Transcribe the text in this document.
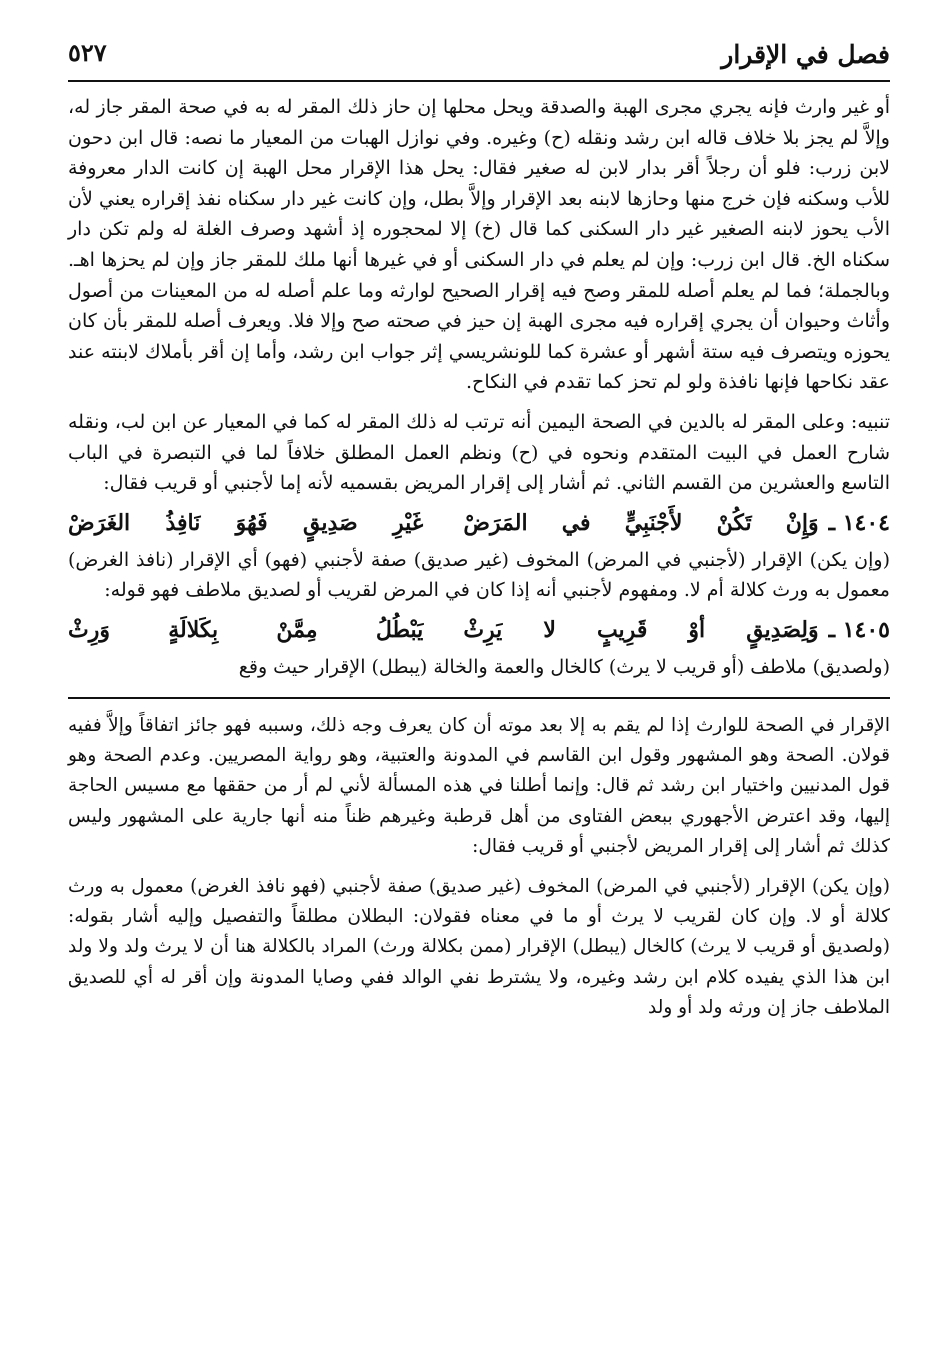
فصل في الإقرار
٥٢٧

أو غير وارث فإنه يجري مجرى الهبة والصدقة ويحل محلها إن حاز ذلك المقر له به في صحة المقر جاز له، وإلاَّ لم يجز بلا خلاف قاله ابن رشد ونقله (ح) وغيره. وفي نوازل الهبات من المعيار ما نصه: قال ابن دحون لابن زرب: فلو أن رجلاً أقر بدار لابن له صغير فقال: يحل هذا الإقرار محل الهبة إن كانت الدار معروفة للأب وسكنه فإن خرج منها وحازها لابنه بعد الإقرار وإلاَّ بطل، وإن كانت غير دار سكناه نفذ إقراره يعني لأن الأب يحوز لابنه الصغير غير دار السكنى كما قال (خ) إلا لمحجوره إذ أشهد وصرف الغلة له ولم تكن دار سكناه الخ. قال ابن زرب: وإن لم يعلم في دار السكنى أو في غيرها أنها ملك للمقر جاز وإن لم يحزها اهـ. وبالجملة؛ فما لم يعلم أصله للمقر وصح فيه إقرار الصحيح لوارثه وما علم أصله له من المعينات من أصول وأثاث وحيوان أن يجري إقراره فيه مجرى الهبة إن حيز في صحته صح وإلا فلا. ويعرف أصله للمقر بأن كان يحوزه ويتصرف فيه ستة أشهر أو عشرة كما للونشريسي إثر جواب ابن رشد، وأما إن أقر بأملاك لابنته عند عقد نكاحها فإنها نافذة ولو لم تحز كما تقدم في النكاح.

تنبيه: وعلى المقر له بالدين في الصحة اليمين أنه ترتب له ذلك المقر له كما في المعيار عن ابن لب، ونقله شارح العمل في البيت المتقدم ونحوه في (ح) ونظم العمل المطلق خلافاً لما في التبصرة في الباب التاسع والعشرين من القسم الثاني. ثم أشار إلى إقرار المريض بقسميه لأنه إما لأجنبي أو قريب فقال:

١٤٠٤ ـ
وَإِنْ تَكُنْ لأَجْنَبِيٍّ في المَرَضْ
غَيْرِ صَدِيقٍ فَهُوَ نَافِذُ الغَرَضْ

(وإن يكن) الإقرار (لأجنبي في المرض) المخوف (غير صديق) صفة لأجنبي (فهو) أي الإقرار (نافذ الغرض) معمول به ورث كلالة أم لا. ومفهوم لأجنبي أنه إذا كان في المرض لقريب أو لصديق ملاطف فهو قوله:

١٤٠٥ ـ
وَلِصَدِيقٍ أوْ قَرِيبٍ لا يَرِثْ
يَبْطُلُ مِمَّنْ بِكَلالَةٍ وَرِثْ

(ولصديق) ملاطف (أو قريب لا يرث) كالخال والعمة والخالة (يبطل) الإقرار حيث وقع

الإقرار في الصحة للوارث إذا لم يقم به إلا بعد موته أن كان يعرف وجه ذلك، وسببه فهو جائز اتفاقاً وإلاَّ ففيه قولان. الصحة وهو المشهور وقول ابن القاسم في المدونة والعتبية، وهو رواية المصريين. وعدم الصحة وهو قول المدنيين واختيار ابن رشد ثم قال: وإنما أطلنا في هذه المسألة لأني لم أر من حققها مع مسيس الحاجة إليها، وقد اعترض الأجهوري ببعض الفتاوى من أهل قرطبة وغيرهم ظناً منه أنها جارية على المشهور وليس كذلك ثم أشار إلى إقرار المريض لأجنبي أو قريب فقال:

(وإن يكن) الإقرار (لأجنبي في المرض) المخوف (غير صديق) صفة لأجنبي (فهو نافذ الغرض) معمول به ورث كلالة أو لا. وإن كان لقريب لا يرث أو ما في معناه فقولان: البطلان مطلقاً والتفصيل وإليه أشار بقوله: (ولصديق أو قريب لا يرث) كالخال (يبطل) الإقرار (ممن بكلالة ورث) المراد بالكلالة هنا أن لا يرث ولد ولا ولد ابن هذا الذي يفيده كلام ابن رشد وغيره، ولا يشترط نفي الوالد ففي وصايا المدونة وإن أقر له أي للصديق الملاطف جاز إن ورثه ولد أو ولد
